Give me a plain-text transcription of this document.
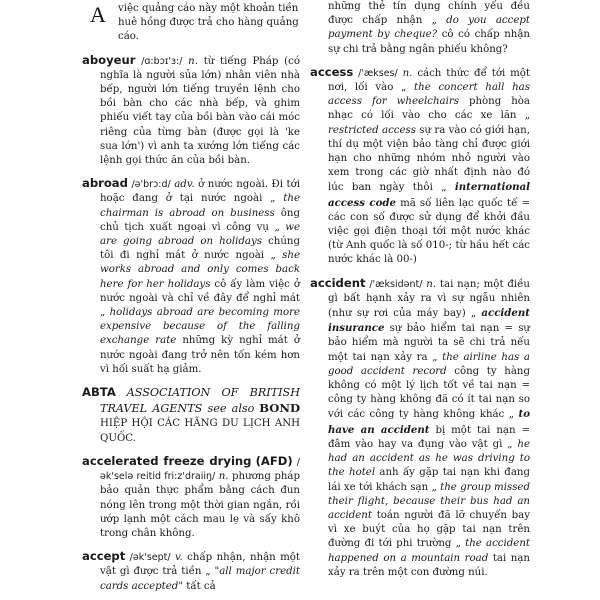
A việc quảng cáo này một khoản tiền
huê hồng được trả cho hàng quảng
cáo.
aboyeur /ɑ:bɔɪ'ɜ:/ n. từ tiếng Pháp (có nghĩa là người sủa lớn) nhân viên nhà bếp, người lớn tiếng truyền lệnh cho bồi bàn cho các nhà bếp, và ghim phiếu viết tay của bồi bàn vào cái móc riêng của từng bàn (được gọi là 'ke sua lớn') vì anh ta xướng lớn tiếng các lệnh gọi thức ăn của bồi bàn.
abroad /ə'brɔ:d/ adv. ở nước ngoài. Đi tới hoặc đang ở tại nước ngoài „ the chairman is abroad on business ông chủ tịch xuất ngoại vì công vụ „ we are going abroad on holidays chúng tôi đi nghỉ mát ở nước ngoài „ she works abroad and only comes back here for her holidays cô ấy làm việc ở nước ngoài và chỉ về đây để nghỉ mát „ holidays abroad are becoming more expensive because of the falling exchange rate những kỳ nghỉ mát ở nước ngoài đang trở nên tốn kém hơn vì hối suất hạ giảm.
ABTA ASSOCIATION OF BRITISH TRAVEL AGENTS see also BOND HIỆP HỘI CÁC HÃNG DU LỊCH ANH QUỐC.
accelerated freeze drying (AFD) /ək'selə reitid fri:z'draiiŋ/ n. phương pháp bảo quản thực phẩm bằng cách đun nóng lên trong một thời gian ngắn, rồi ướp lạnh một cách mau lẹ và sấy khô trong chân không.
accept /ək'sept/ v. chấp nhận, nhận một vật gì được trả tiền „ "all major credit cards accepted" tất cả
những thẻ tín dụng chính yếu đều được chấp nhận „ do you accept payment by cheque? cô có chấp nhận sự chi trả bằng ngân phiếu không?
access /'ækses/ n. cách thức để tới một nơi, lối vào „ the concert hall has access for wheelchairs phòng hòa nhạc có lối vào cho các xe lăn „ restricted access sự ra vào có giới hạn, thí dụ một viện bảo tàng chỉ được giới hạn cho những nhóm nhỏ người vào xem trong các giờ nhất định nào đó lúc ban ngày thôi „ international access code mã số liên lạc quốc tế = các con số được sử dụng để khởi đầu việc gọi điện thoại tới một nước khác (từ Anh quốc là số 010-; từ hầu hết các nước khác là 00-)
accident /'æksidənt/ n. tai nạn; một điều gì bất hạnh xảy ra vì sự ngẫu nhiên (như sự rơi của máy bay) „ accident insurance sự bảo hiểm tai nạn = sự bảo hiểm mà người ta sẽ chi trả nếu một tai nạn xảy ra „ the airline has a good accident record công ty hàng không có một lý lịch tốt về tai nạn = công ty hàng không đã có ít tai nạn so với các công ty hàng không khác „ to have an accident bị một tai nạn = đâm vào hay va đụng vào vật gì „ he had an accident as he was driving to the hotel anh ấy gặp tai nạn khi đang lái xe tới khách sạn „ the group missed their flight, because their bus had an accident toán người đã lỡ chuyến bay vì xe buýt của họ gặp tai nạn trên đường đi tới phi trường „ the accident happened on a mountain road tai nạn xảy ra trên một con đường núi.
